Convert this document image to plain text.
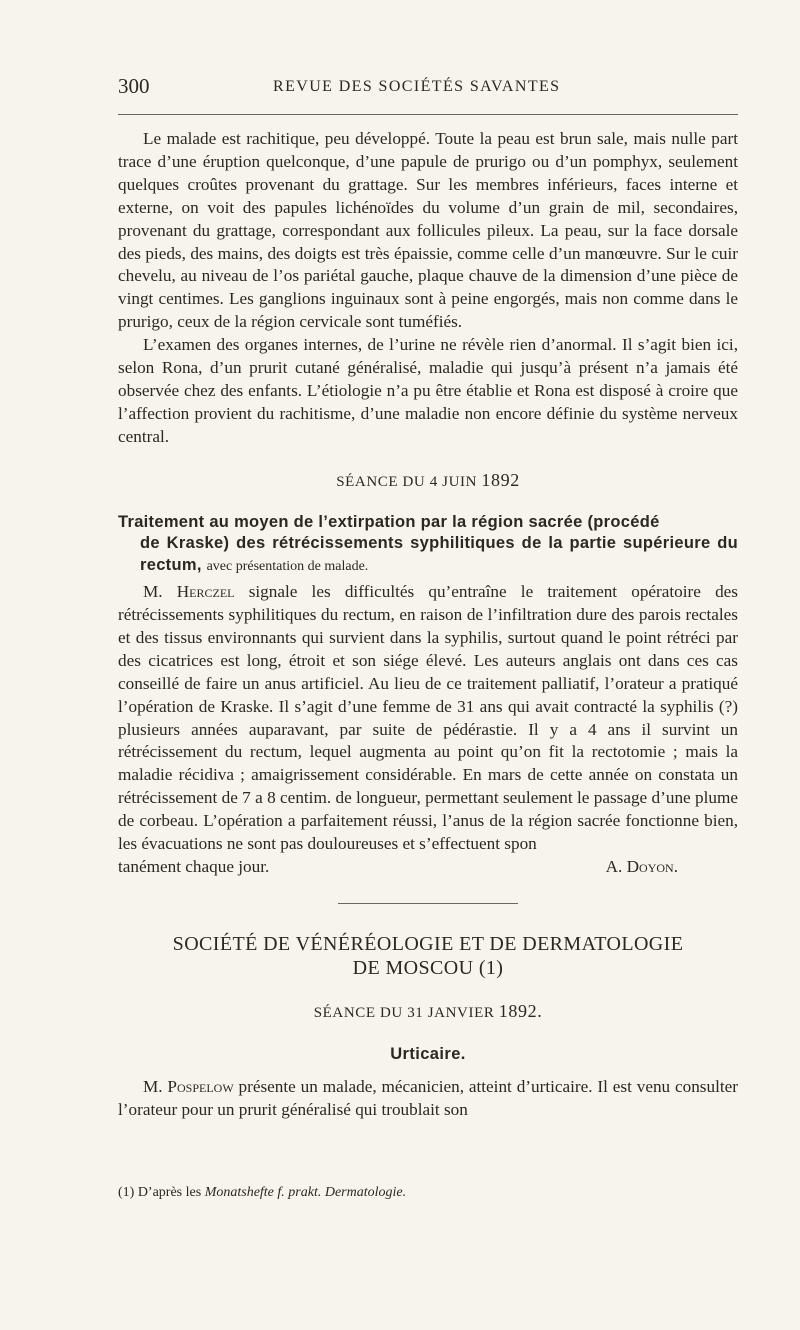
300	REVUE DES SOCIÉTÉS SAVANTES

Le malade est rachitique, peu développé. Toute la peau est brun sale, mais nulle part trace d’une éruption quelconque, d’une papule de prurigo ou d’un pomphyx, seulement quelques croûtes provenant du grattage. Sur les membres inférieurs, faces interne et externe, on voit des papules lichénoïdes du volume d’un grain de mil, secondaires, provenant du grattage, correspondant aux follicules pileux. La peau, sur la face dorsale des pieds, des mains, des doigts est très épaissie, comme celle d’un manœuvre. Sur le cuir chevelu, au niveau de l’os pariétal gauche, plaque chauve de la dimension d’une pièce de vingt centimes. Les ganglions inguinaux sont à peine engorgés, mais non comme dans le prurigo, ceux de la région cervicale sont tuméfiés.

L’examen des organes internes, de l’urine ne révèle rien d’anormal. Il s’agit bien ici, selon Rona, d’un prurit cutané généralisé, maladie qui jusqu’à présent n’a jamais été observée chez des enfants. L’étiologie n’a pu être établie et Rona est disposé à croire que l’affection provient du rachitisme, d’une maladie non encore définie du système nerveux central.

SÉANCE DU 4 JUIN 1892

Traitement au moyen de l’extirpation par la région sacrée (procédé
de Kraske) des rétrécissements syphilitiques de la partie supérieure du rectum, avec présentation de malade.

M. Herczel signale les difficultés qu’entraîne le traitement opératoire des rétrécissements syphilitiques du rectum, en raison de l’infiltration dure des parois rectales et des tissus environnants qui survient dans la syphilis, surtout quand le point rétréci par des cicatrices est long, étroit et son siége élevé. Les auteurs anglais ont dans ces cas conseillé de faire un anus artificiel. Au lieu de ce traitement palliatif, l’orateur a pratiqué l’opération de Kraske. Il s’agit d’une femme de 31 ans qui avait contracté la syphilis (?) plusieurs années auparavant, par suite de pédérastie. Il y a 4 ans il survint un rétrécissement du rectum, lequel augmenta au point qu’on fit la rectotomie ; mais la maladie récidiva ; amaigrissement considérable. En mars de cette année on constata un rétrécissement de 7 a 8 centim. de longueur, permettant seulement le passage d’une plume de corbeau. L’opération a parfaitement réussi, l’anus de la région sacrée fonctionne bien, les évacuations ne sont pas douloureuses et s’effectuent spon

tanément chaque jour.	A. Doyon.

SOCIÉTÉ DE VÉNÉRÉOLOGIE ET DE DERMATOLOGIE
DE MOSCOU (1)

SÉANCE DU 31 JANVIER 1892.

Urticaire.

M. Pospelow présente un malade, mécanicien, atteint d’urticaire. Il est venu consulter l’orateur pour un prurit généralisé qui troublait son

(1) D’après les Monatshefte f. prakt. Dermatologie.
